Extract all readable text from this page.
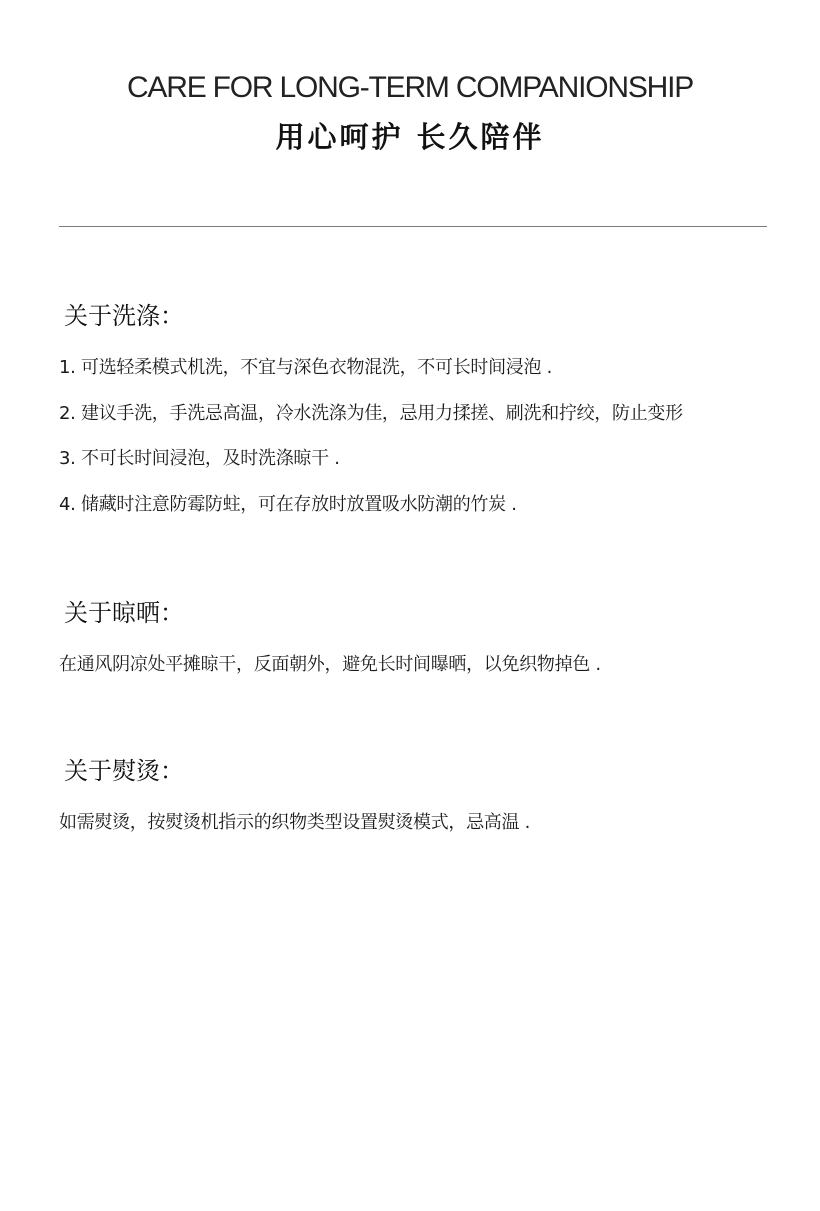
CARE FOR LONG-TERM COMPANIONSHIP
用心呵护 长久陪伴
关于洗涤：
1. 可选轻柔模式机洗，不宜与深色衣物混洗，不可长时间浸泡 .
2. 建议手洗，手洗忌高温，冷水洗涤为佳，忌用力揉搓、刷洗和拧绞，防止变形
3. 不可长时间浸泡，及时洗涤晾干 .
4. 储藏时注意防霉防蛀，可在存放时放置吸水防潮的竹炭 .
关于晾晒：

在通风阴凉处平摊晾干，反面朝外，避免长时间曝晒，以免织物掉色 .

关于熨烫：

如需熨烫，按熨烫机指示的织物类型设置熨烫模式，忌高温 .
